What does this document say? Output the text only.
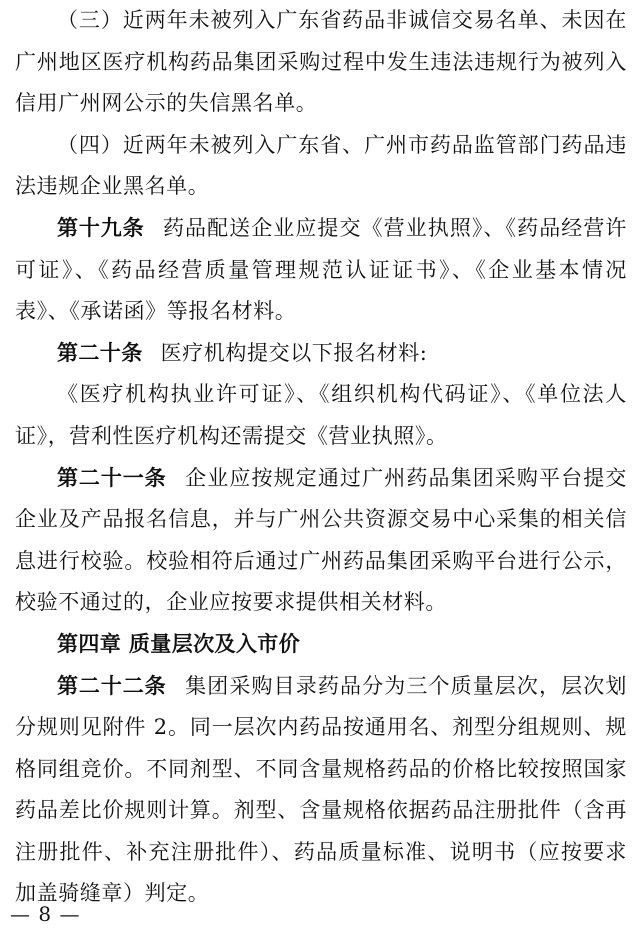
（三）近两年未被列入广东省药品非诚信交易名单、未因在广州地区医疗机构药品集团采购过程中发生违法违规行为被列入信用广州网公示的失信黑名单。

（四）近两年未被列入广东省、广州市药品监管部门药品违法违规企业黑名单。

第十九条 药品配送企业应提交《营业执照》、《药品经营许可证》、《药品经营质量管理规范认证证书》、《企业基本情况表》、《承诺函》等报名材料。

第二十条 医疗机构提交以下报名材料:

《医疗机构执业许可证》、《组织机构代码证》、《单位法人证》，营利性医疗机构还需提交《营业执照》。

第二十一条 企业应按规定通过广州药品集团采购平台提交企业及产品报名信息，并与广州公共资源交易中心采集的相关信息进行校验。校验相符后通过广州药品集团采购平台进行公示，校验不通过的，企业应按要求提供相关材料。

第四章 质量层次及入市价

第二十二条 集团采购目录药品分为三个质量层次，层次划分规则见附件 2。同一层次内药品按通用名、剂型分组规则、规格同组竞价。不同剂型、不同含量规格药品的价格比较按照国家药品差比价规则计算。剂型、含量规格依据药品注册批件（含再注册批件、补充注册批件）、药品质量标准、说明书（应按要求加盖骑缝章）判定。

— 8 —
